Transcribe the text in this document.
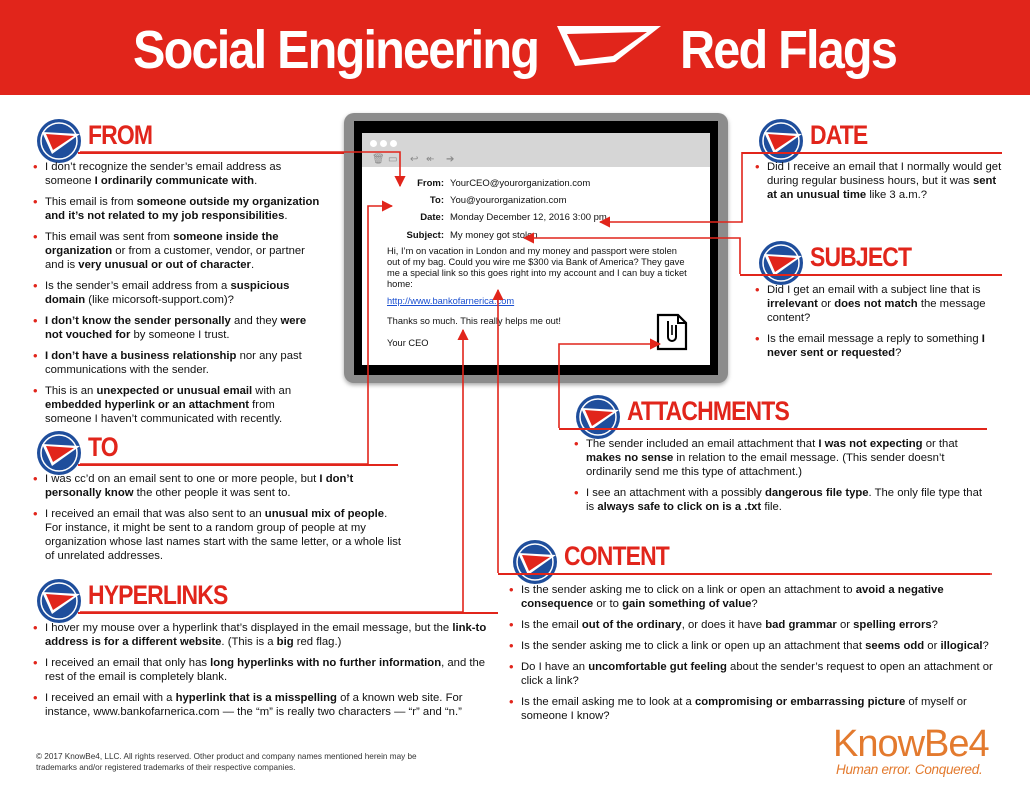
Social Engineering	Red Flags
FROM
TO
HYPERLINKS
DATE
SUBJECT
ATTACHMENTS
CONTENT
• I don’t recognize the sender’s email address as someone I ordinarily communicate with.
• This email is from someone outside my organization and it’s not related to my job responsibilities.
• This email was sent from someone inside the organization or from a customer, vendor, or partner and is very unusual or out of character.
• Is the sender’s email address from a suspicious domain (like micorsoft-support.com)?
• I don’t know the sender personally and they were not vouched for by someone I trust.
• I don’t have a business relationship nor any past communications with the sender.
• This is an unexpected or unusual email with an embedded hyperlink or an attachment from someone I haven’t communicated with recently.
• I was cc’d on an email sent to one or more people, but I don’t personally know the other people it was sent to.
• I received an email that was also sent to an unusual mix of people. For instance, it might be sent to a random group of people at my organization whose last names start with the same letter, or a whole list of unrelated addresses.
• I hover my mouse over a hyperlink that’s displayed in the email message, but the link-to address is for a different website. (This is a big red flag.)
• I received an email that only has long hyperlinks with no further information, and the rest of the email is completely blank.
• I received an email with a hyperlink that is a misspelling of a known web site. For instance, www.bankofarnerica.com — the “m” is really two characters — “r” and “n.”
• Did I receive an email that I normally would get during regular business hours, but it was sent at an unusual time like 3 a.m.?
• Did I get an email with a subject line that is irrelevant or does not match the message content?
• Is the email message a reply to something I never sent or requested?
• The sender included an email attachment that I was not expecting or that makes no sense in relation to the email message. (This sender doesn’t ordinarily send me this type of attachment.)
• I see an attachment with a possibly dangerous file type. The only file type that is always safe to click on is a .txt file.
• Is the sender asking me to click on a link or open an attachment to avoid a negative consequence or to gain something of value?
• Is the email out of the ordinary, or does it have bad grammar or spelling errors?
• Is the sender asking me to click a link or open up an attachment that seems odd or illogical?
• Do I have an uncomfortable gut feeling about the sender’s request to open an attachment or click a link?
• Is the email asking me to look at a compromising or embarrassing picture of myself or someone I know?
🗑 ▭ ↩ ↞ ➔
From: YourCEO@yourorganization.com
To: You@yourorganization.com
Date: Monday December 12, 2016 3:00 pm
Subject: My money got stolen
Hi, I’m on vacation in London and my money and passport were stolen out of my bag. Could you wire me $300 via Bank of America? They gave me a special link so this goes right into my account and I can buy a ticket home:
http://www.bankofarnerica.com
Thanks so much. This really helps me out!
Your CEO
© 2017 KnowBe4, LLC. All rights reserved. Other product and company names mentioned herein may be trademarks and/or registered trademarks of their respective companies.
KnowBe4
Human error. Conquered.
